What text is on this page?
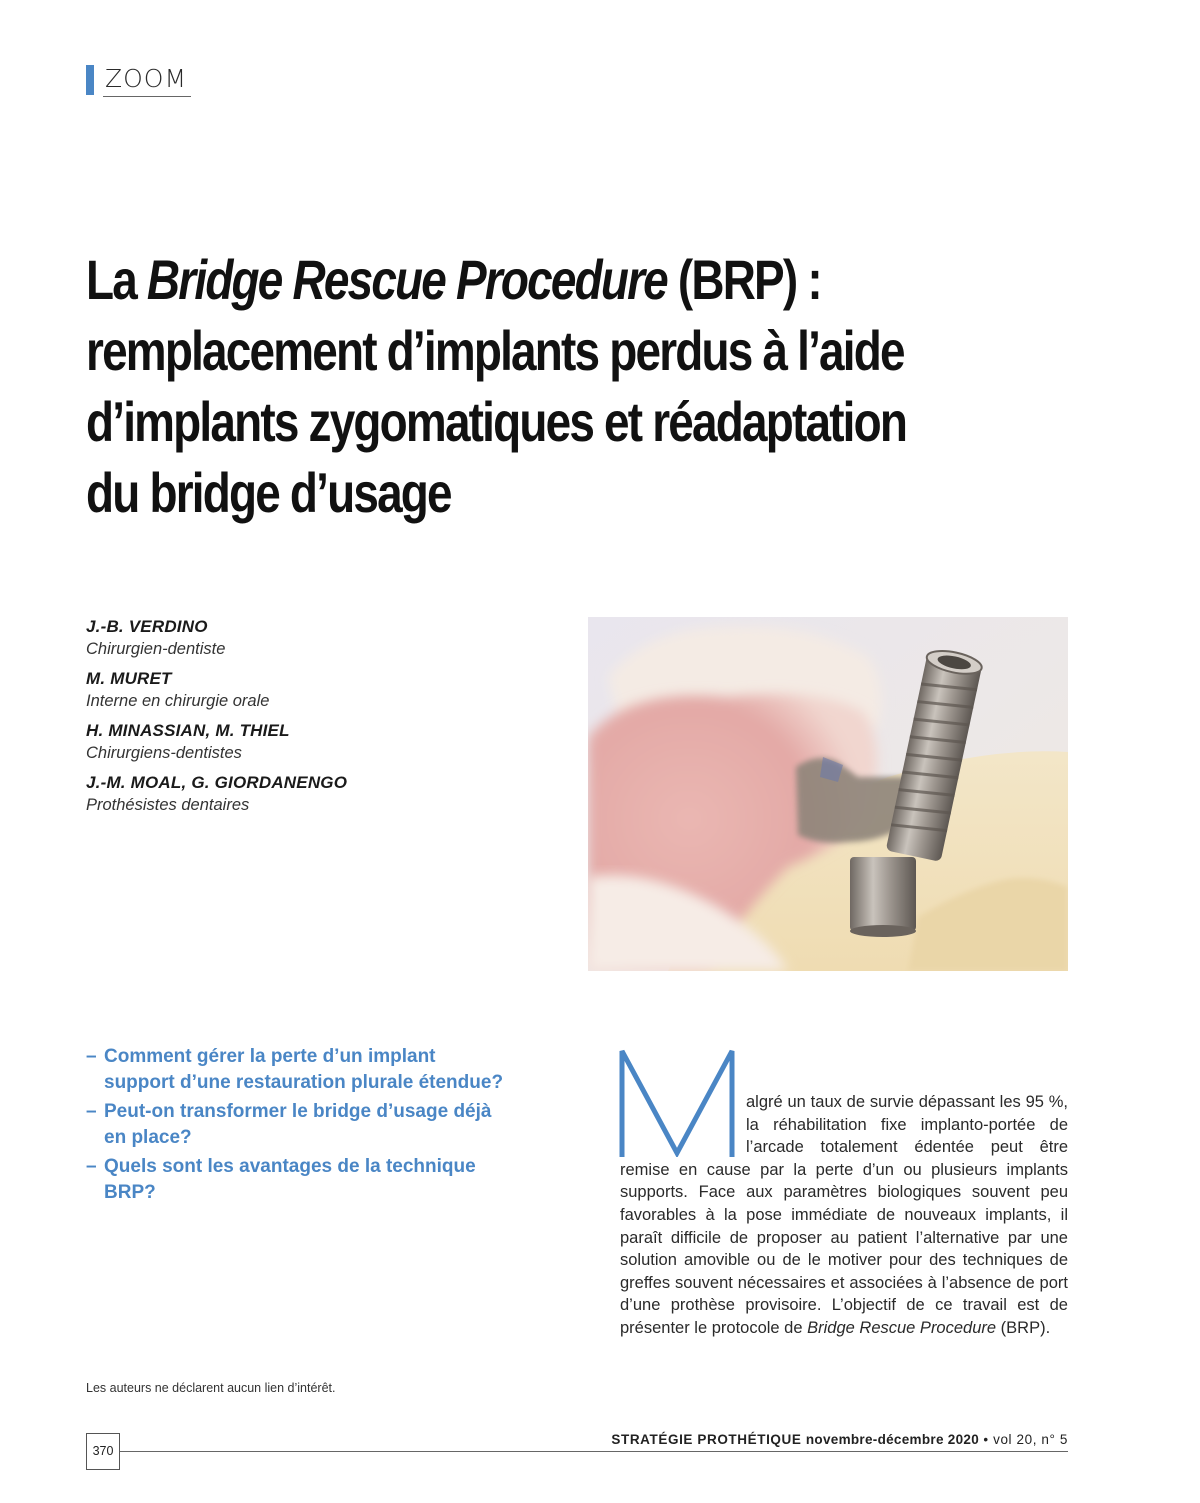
ZOOM
La Bridge Rescue Procedure (BRP) :
remplacement d’implants perdus à l’aide
d’implants zygomatiques et réadaptation
du bridge d’usage
J.-B. VERDINO
Chirurgien-dentiste
M. MURET
Interne en chirurgie orale
H. MINASSIAN, M. THIEL
Chirurgiens-dentistes
J.-M. MOAL, G. GIORDANENGO
Prothésistes dentaires
– Comment gérer la perte d’un implant support d’une restauration plurale étendue?
– Peut-on transformer le bridge d’usage déjà en place?
– Quels sont les avantages de la technique BRP?

algré un taux de survie dépassant les 95 %, la réhabilitation fixe implanto-portée de l’arcade totalement édentée peut être remise en cause par la perte d’un ou plusieurs implants supports. Face aux paramètres biologiques souvent peu favorables à la pose immédiate de nouveaux implants, il paraît difficile de proposer au patient l’alternative par une solution amovible ou de le motiver pour des techniques de greffes souvent nécessaires et associées à l’absence de port d’une prothèse provisoire. L’objectif de ce travail est de présenter le protocole de Bridge Rescue Procedure (BRP).

Les auteurs ne déclarent aucun lien d’intérêt.
370
STRATÉGIE PROTHÉTIQUE novembre-décembre 2020 • vol 20, n° 5
